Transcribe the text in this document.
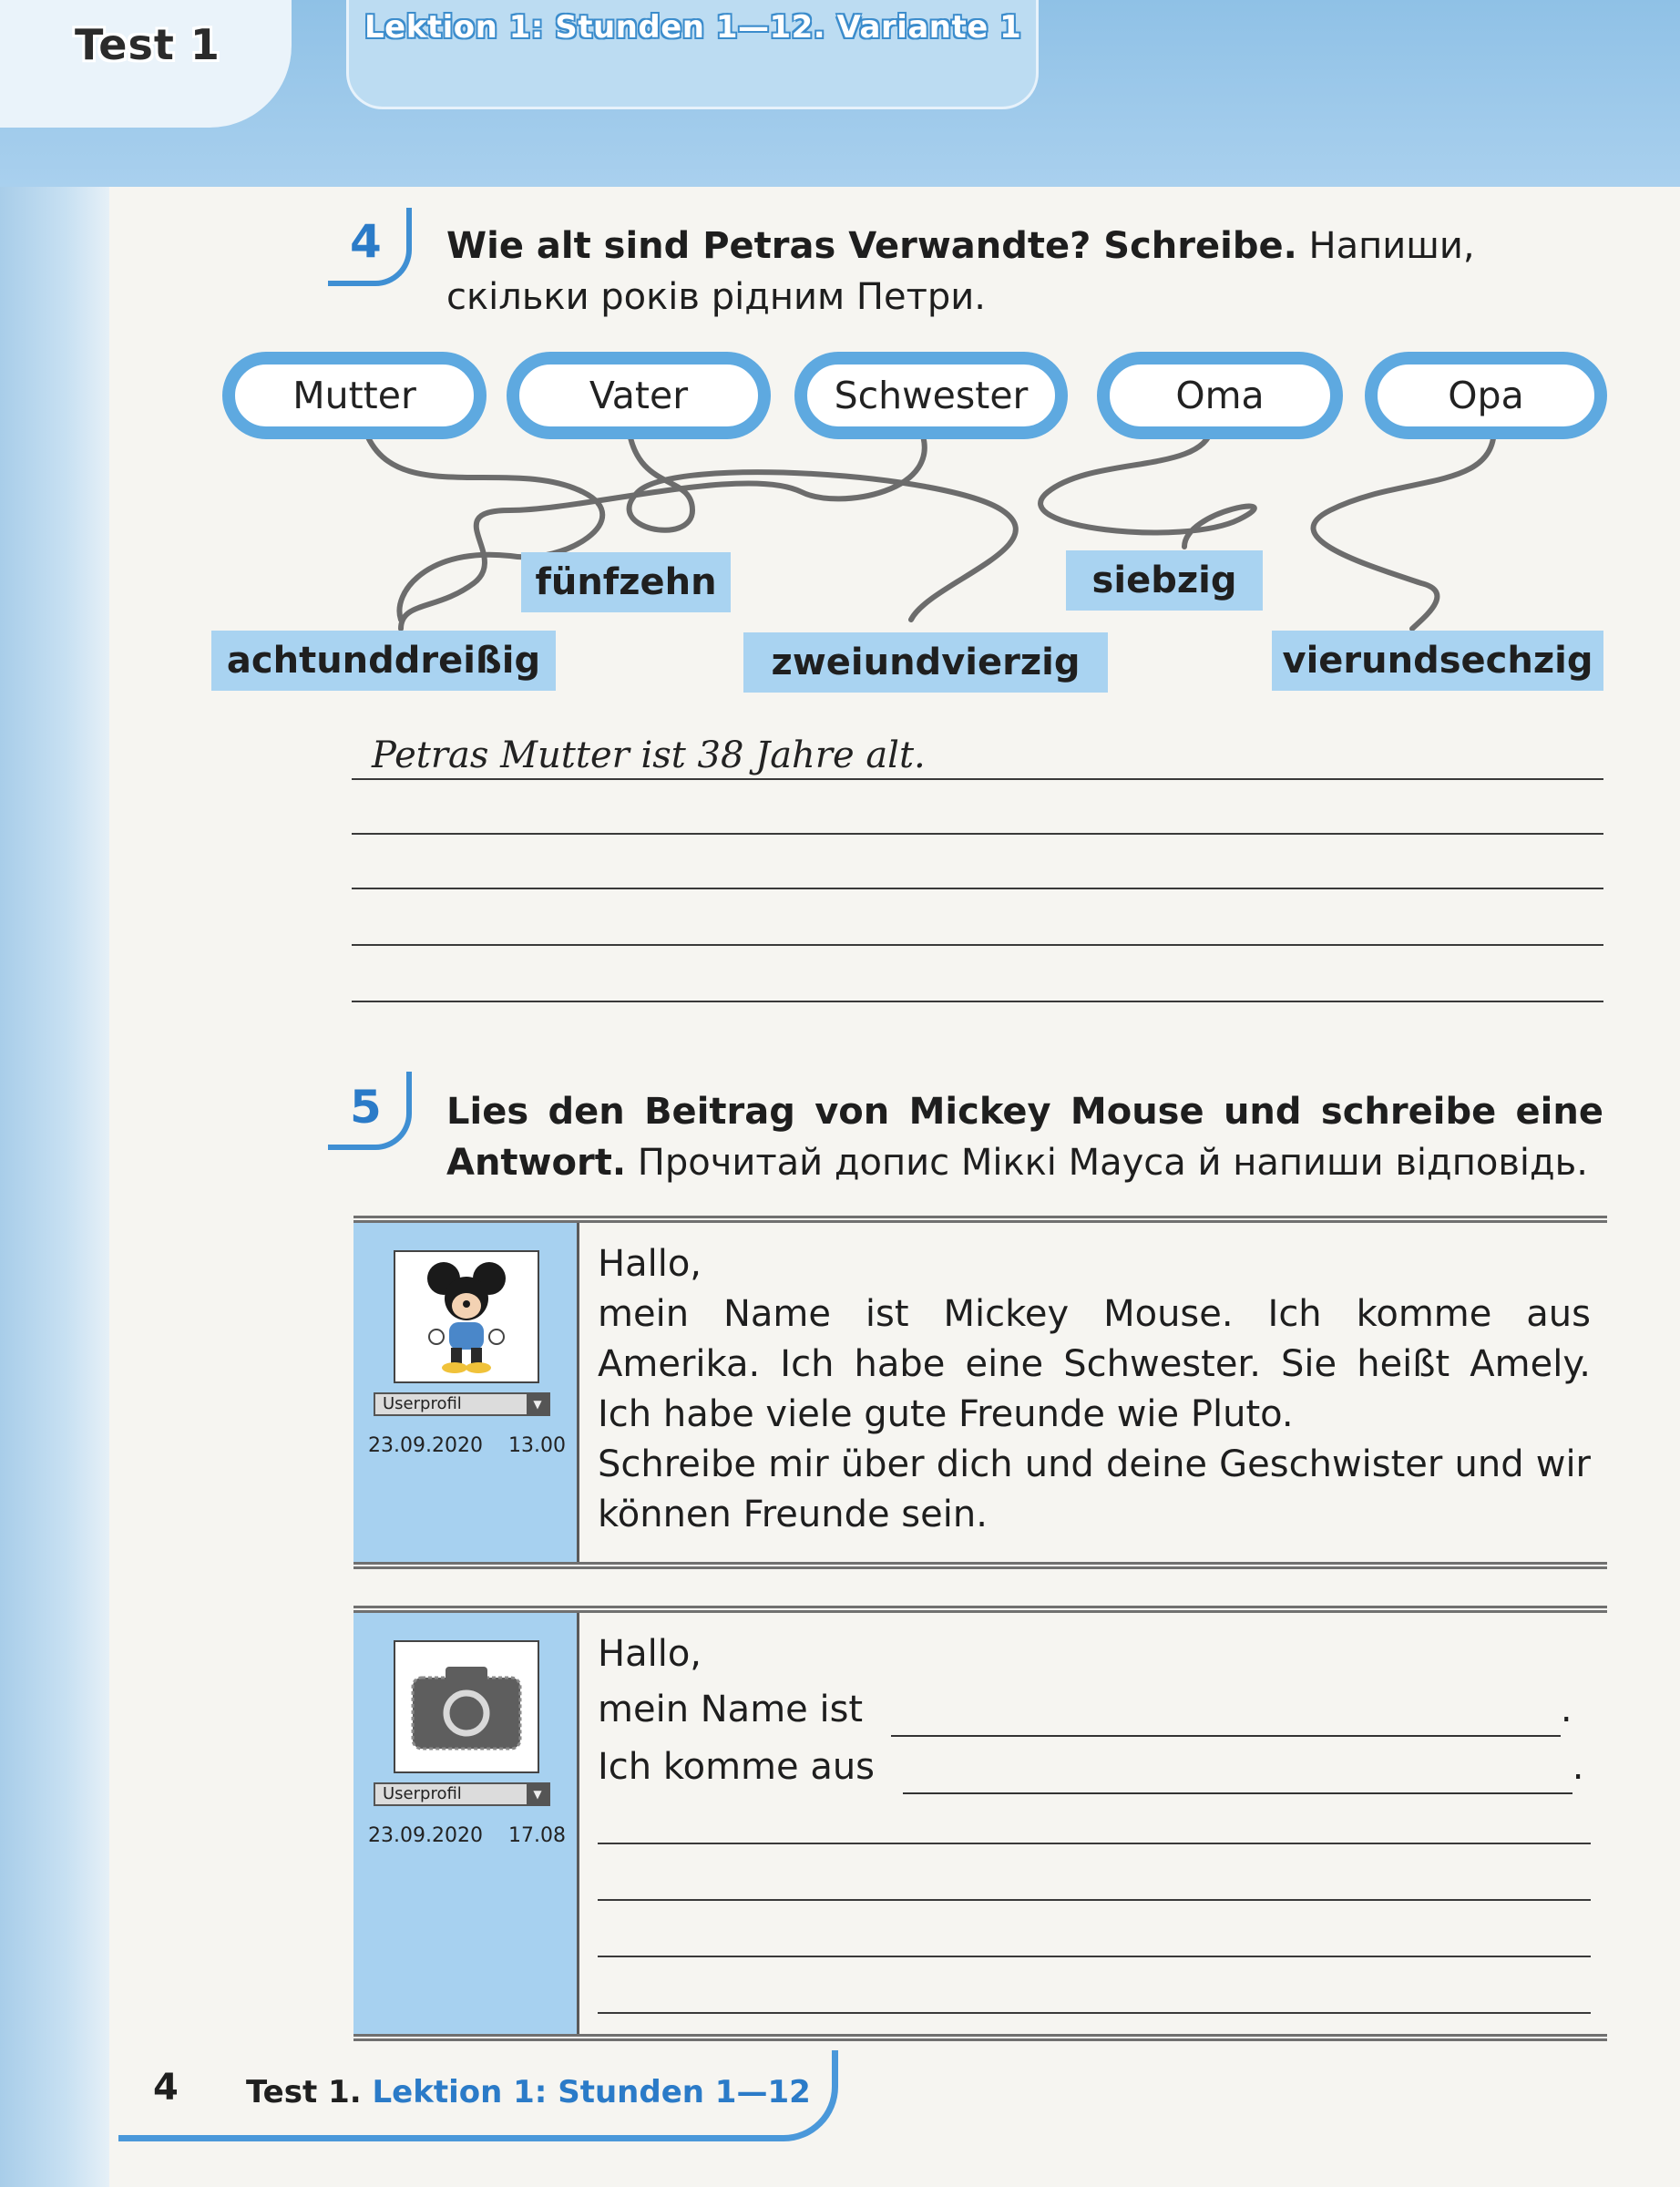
Test 1	Lektion 1: Stunden 1—12. Variante 1
4 Wie alt sind Petras Verwandte? Schreibe. Напиши, скільки років рідним Петри.
Mutter	Vater	Schwester	Oma	Opa
fünfzehn	siebzig
achtunddreißig	zweiundvierzig	vierundsechzig
Petras Mutter ist 38 Jahre alt.
5 Lies den Beitrag von Mickey Mouse und schreibe eine Antwort. Прочитай допис Міккі Мауса й напиши відповідь.
Userprofil	▼
23.09.2020 13.00

Hallo,

mein Name ist Mickey Mouse. Ich komme aus Amerika. Ich habe eine Schwester. Sie heißt Amely. Ich habe viele gute Freunde wie Pluto.

Schreibe mir über dich und deine Geschwister und wir können Freunde sein.

Userprofil	▼
23.09.2020 17.08

Hallo,

mein Name ist	.

Ich komme aus	.

4 Test 1. Lektion 1: Stunden 1—12
